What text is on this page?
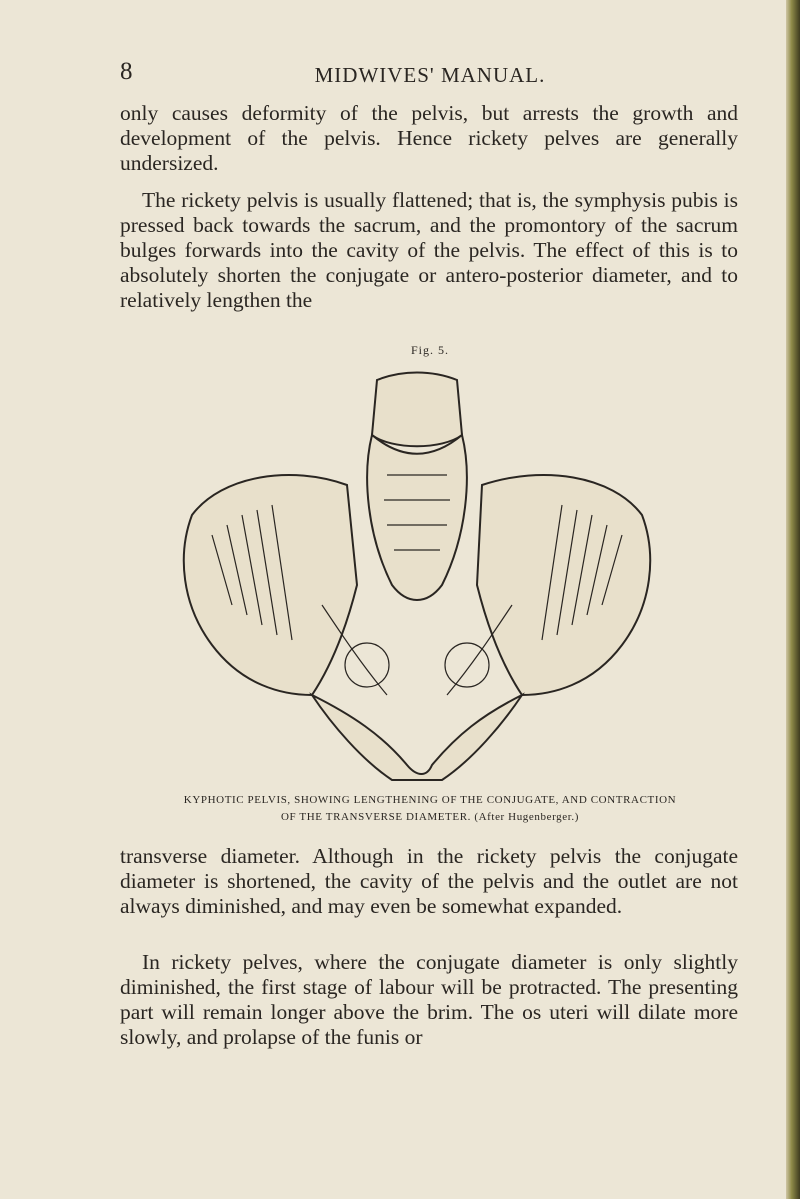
8	MIDWIVES' MANUAL.

only causes deformity of the pelvis, but arrests the growth and development of the pelvis. Hence rickety pelves are generally undersized.

The rickety pelvis is usually flattened; that is, the symphysis pubis is pressed back towards the sacrum, and the promontory of the sacrum bulges forwards into the cavity of the pelvis. The effect of this is to absolutely shorten the conjugate or antero-posterior diameter, and to relatively lengthen the

Fig. 5.
KYPHOTIC PELVIS, SHOWING LENGTHENING OF THE CONJUGATE, AND CONTRACTION
OF THE TRANSVERSE DIAMETER. (After Hugenberger.)

transverse diameter. Although in the rickety pelvis the conjugate diameter is shortened, the cavity of the pelvis and the outlet are not always diminished, and may even be somewhat expanded.

In rickety pelves, where the conjugate diameter is only slightly diminished, the first stage of labour will be protracted. The presenting part will remain longer above the brim. The os uteri will dilate more slowly, and prolapse of the funis or
